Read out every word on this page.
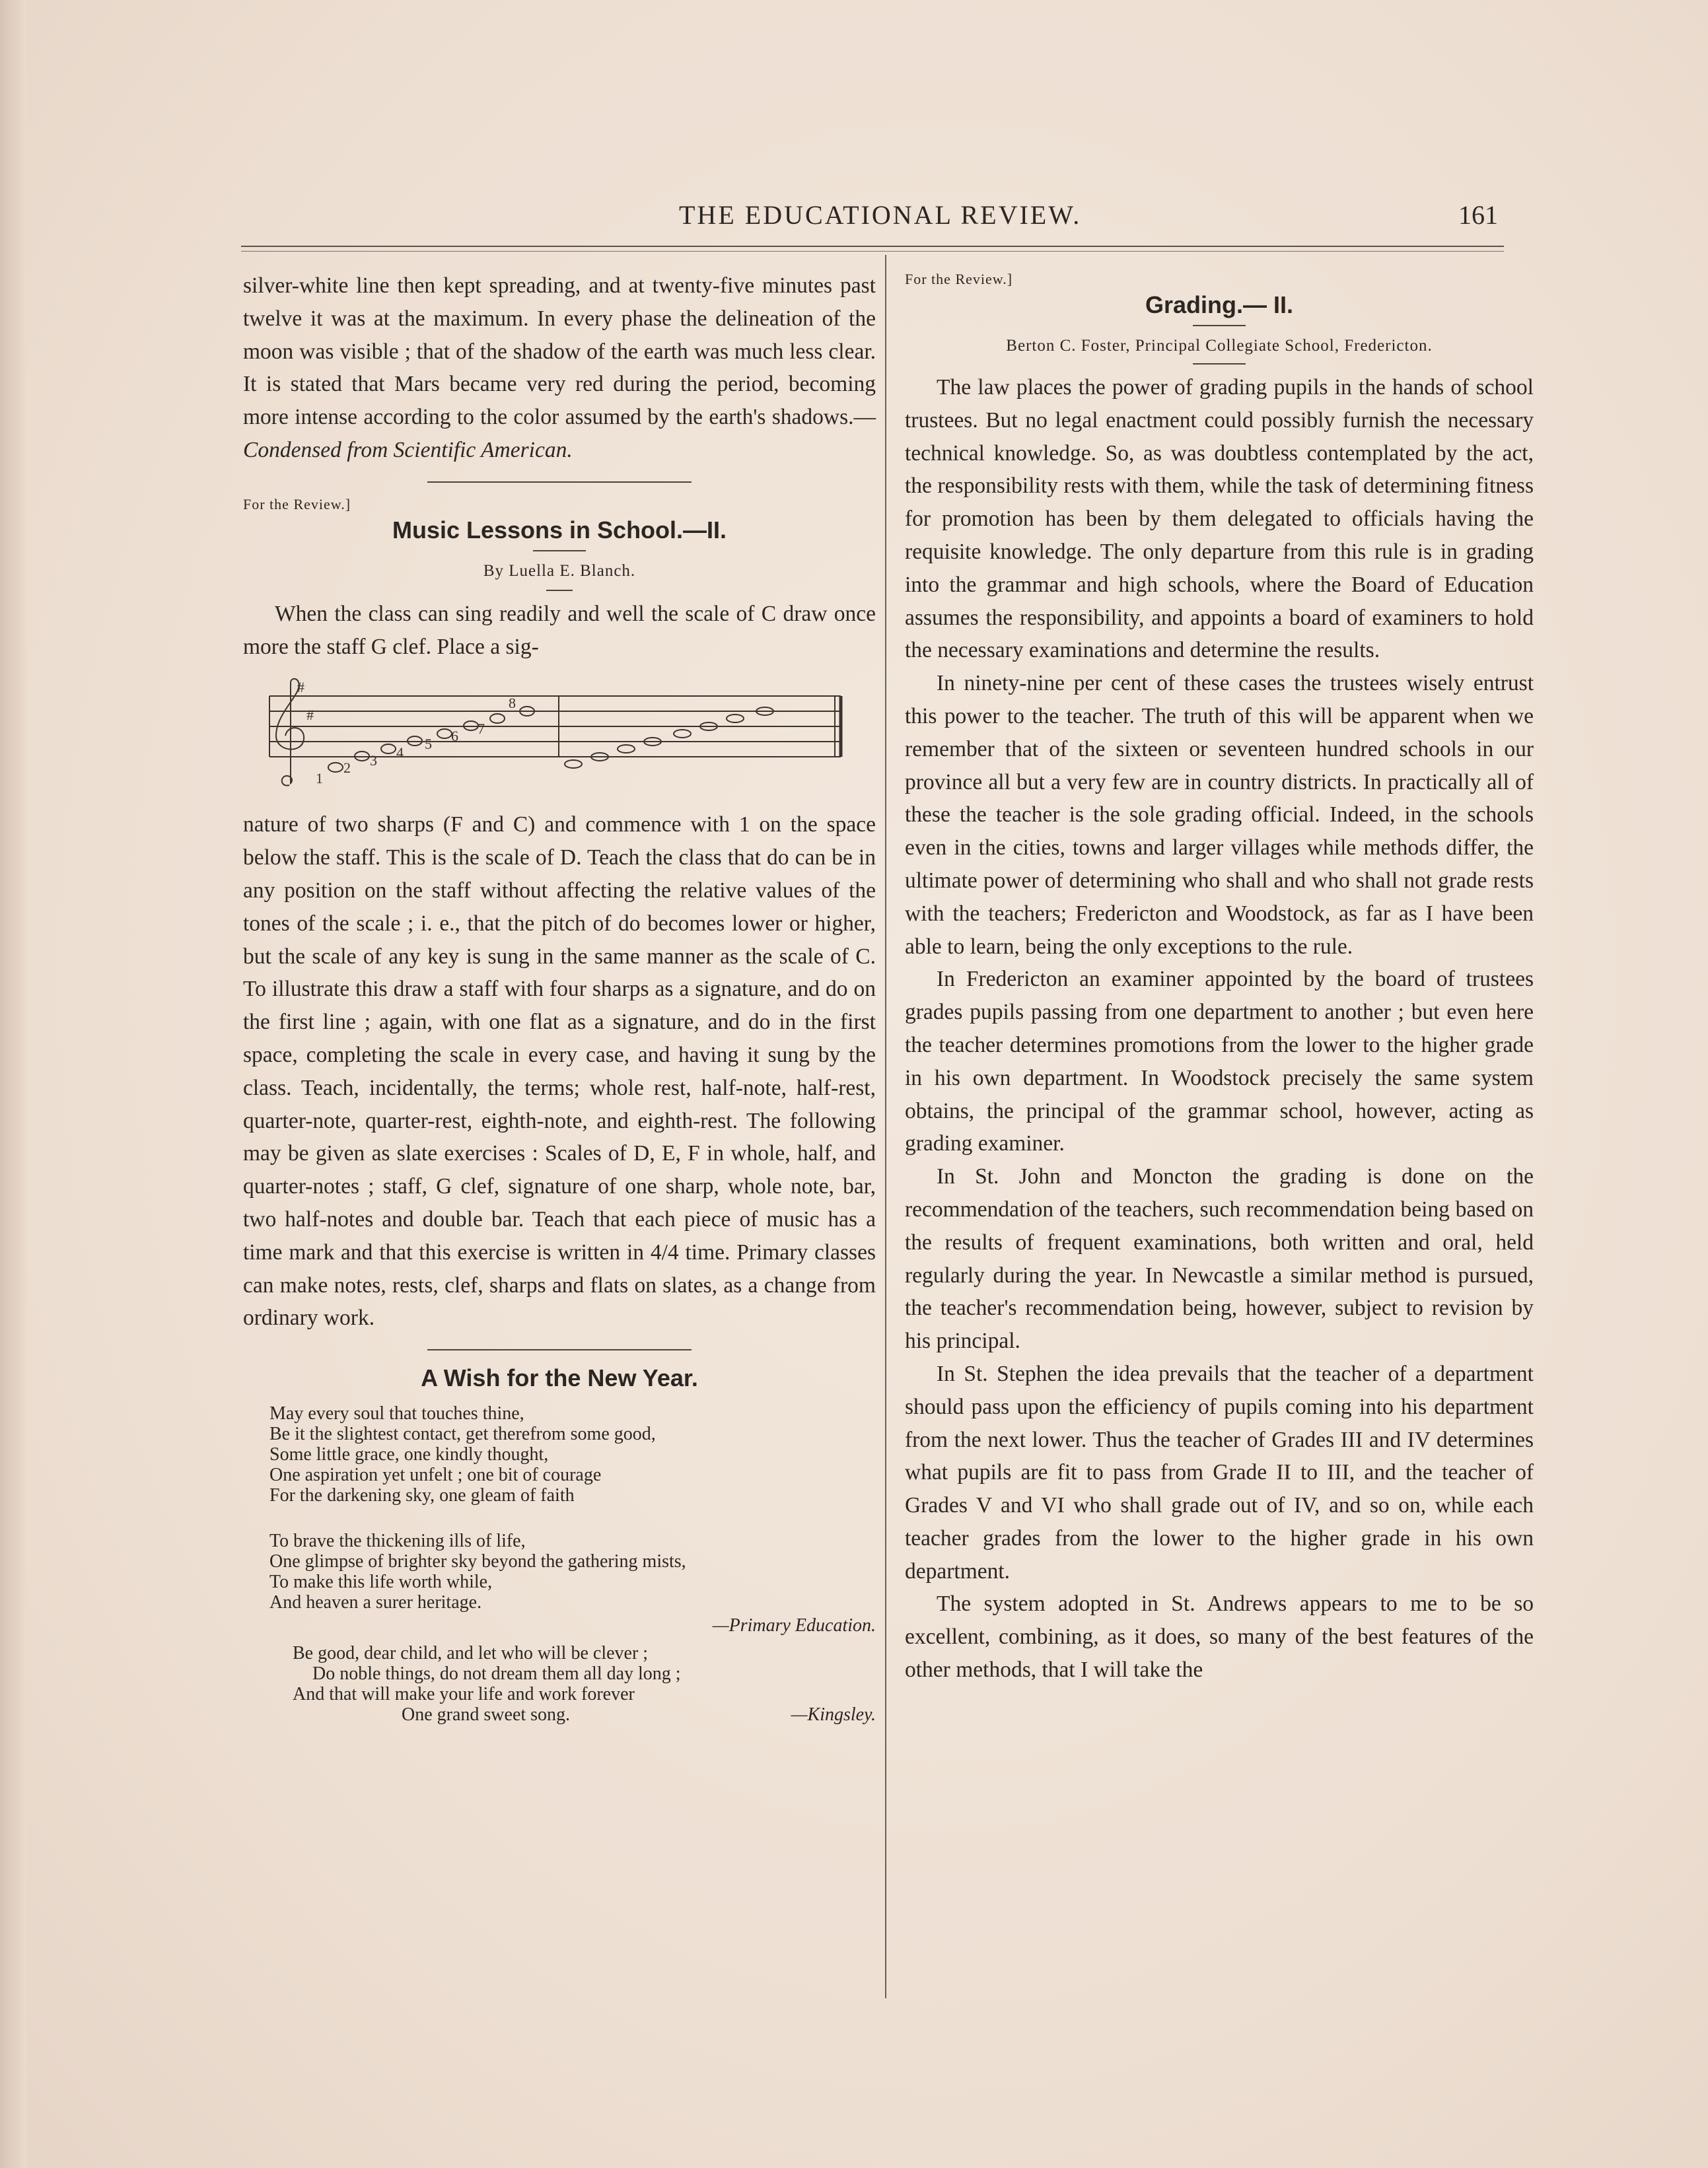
THE EDUCATIONAL REVIEW.	161

silver-white line then kept spreading, and at twenty-five minutes past twelve it was at the maximum. In every phase the delineation of the moon was visible ; that of the shadow of the earth was much less clear. It is stated that Mars became very red during the period, becoming more intense according to the color assumed by the earth's shadows.—Condensed from Scientific American.

For the Review.]
Music Lessons in School.—II.
By Luella E. Blanch.

When the class can sing readily and well the scale of C draw once more the staff G clef. Place a sig-

#
#
1
2 3 4
5 6 7
8

nature of two sharps (F and C) and commence with 1 on the space below the staff. This is the scale of D. Teach the class that do can be in any position on the staff without affecting the relative values of the tones of the scale ; i. e., that the pitch of do becomes lower or higher, but the scale of any key is sung in the same manner as the scale of C. To illustrate this draw a staff with four sharps as a signature, and do on the first line ; again, with one flat as a signature, and do in the first space, completing the scale in every case, and having it sung by the class. Teach, incidentally, the terms; whole rest, half-note, half-rest, quarter-note, quarter-rest, eighth-note, and eighth-rest. The following may be given as slate exercises : Scales of D, E, F in whole, half, and quarter-notes ; staff, G clef, signature of one sharp, whole note, bar, two half-notes and double bar. Teach that each piece of music has a time mark and that this exercise is written in 4/4 time. Primary classes can make notes, rests, clef, sharps and flats on slates, as a change from ordinary work.

A Wish for the New Year.
May every soul that touches thine,
Be it the slightest contact, get therefrom some good,
Some little grace, one kindly thought,
One aspiration yet unfelt ; one bit of courage
For the darkening sky, one gleam of faith
To brave the thickening ills of life,
One glimpse of brighter sky beyond the gathering mists,
To make this life worth while,
And heaven a surer heritage.
—Primary Education.
Be good, dear child, and let who will be clever ;
Do noble things, do not dream them all day long ;
And that will make your life and work forever
One grand sweet song.	—Kingsley.
For the Review.]
Grading.— II.
Berton C. Foster, Principal Collegiate School, Fredericton.

The law places the power of grading pupils in the hands of school trustees. But no legal enactment could possibly furnish the necessary technical knowledge. So, as was doubtless contemplated by the act, the responsibility rests with them, while the task of determining fitness for promotion has been by them delegated to officials having the requisite knowledge. The only departure from this rule is in grading into the grammar and high schools, where the Board of Education assumes the responsibility, and appoints a board of examiners to hold the necessary examinations and determine the results.

In ninety-nine per cent of these cases the trustees wisely entrust this power to the teacher. The truth of this will be apparent when we remember that of the sixteen or seventeen hundred schools in our province all but a very few are in country districts. In practically all of these the teacher is the sole grading official. Indeed, in the schools even in the cities, towns and larger villages while methods differ, the ultimate power of determining who shall and who shall not grade rests with the teachers; Fredericton and Woodstock, as far as I have been able to learn, being the only exceptions to the rule.

In Fredericton an examiner appointed by the board of trustees grades pupils passing from one department to another ; but even here the teacher determines promotions from the lower to the higher grade in his own department. In Woodstock precisely the same system obtains, the principal of the grammar school, however, acting as grading examiner.

In St. John and Moncton the grading is done on the recommendation of the teachers, such recommendation being based on the results of frequent examinations, both written and oral, held regularly during the year. In Newcastle a similar method is pursued, the teacher's recommendation being, however, subject to revision by his principal.

In St. Stephen the idea prevails that the teacher of a department should pass upon the efficiency of pupils coming into his department from the next lower. Thus the teacher of Grades III and IV determines what pupils are fit to pass from Grade II to III, and the teacher of Grades V and VI who shall grade out of IV, and so on, while each teacher grades from the lower to the higher grade in his own department.

The system adopted in St. Andrews appears to me to be so excellent, combining, as it does, so many of the best features of the other methods, that I will take the
